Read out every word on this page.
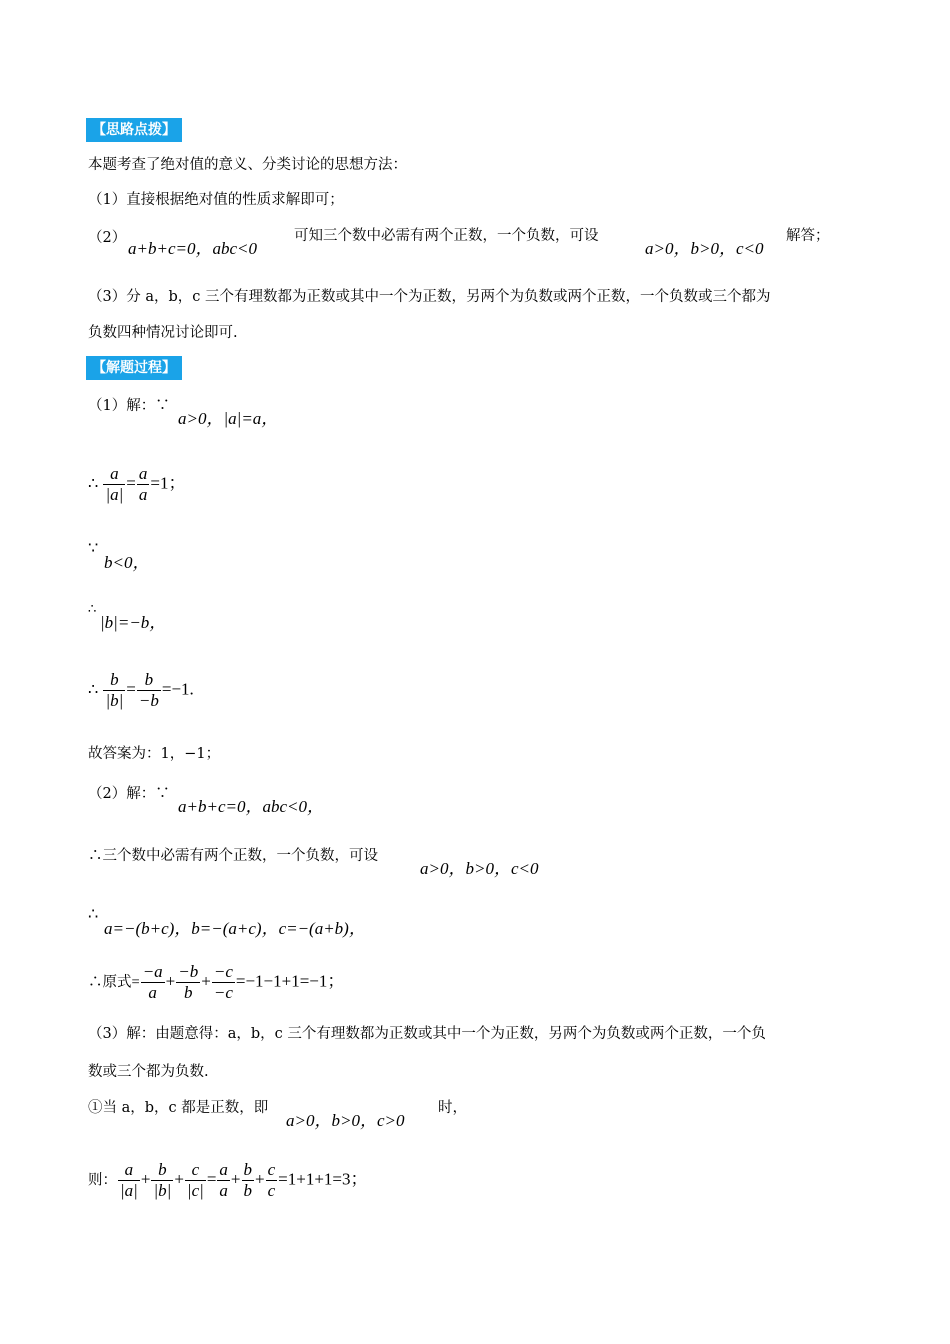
【思路点拨】
本题考查了绝对值的意义、分类讨论的思想方法：
（1）直接根据绝对值的性质求解即可；
（2）
a+b+c=0，abc<0
可知三个数中必需有两个正数，一个负数，可设
a>0，b>0，c<0
解答；
（3）分 a，b，c 三个有理数都为正数或其中一个为正数，另两个为负数或两个正数，一个负数或三个都为
负数四种情况讨论即可.
【解题过程】
（1）解：∵
a>0，|a|=a，
∴ $\frac{a}{|a|} = \frac{a}{a} =1$；
∵
b<0，
∴
|b|=−b，
∴ $\frac{b}{|b|} = \frac{b}{-b} =-1$.
故答案为：1，−1；
（2）解：∵
a+b+c=0，abc<0，
∴三个数中必需有两个正数，一个负数，可设
a>0，b>0，c<0
∴
a=−(b+c)，b=−(a+c)，c=−(a+b)，
∴原式= $\frac{-a}{a} + \frac{-b}{b} + \frac{-c}{-c} =-1-1+1=-1$；
（3）解：由题意得：a，b，c 三个有理数都为正数或其中一个为正数，另两个为负数或两个正数，一个负
数或三个都为负数.
①当 a，b，c 都是正数，即
a>0，b>0，c>0
时，
则： $\frac{a}{|a|} + \frac{b}{|b|} + \frac{c}{|c|} = \frac{a}{a} + \frac{b}{b} + \frac{c}{c} =1+1+1=3$；
